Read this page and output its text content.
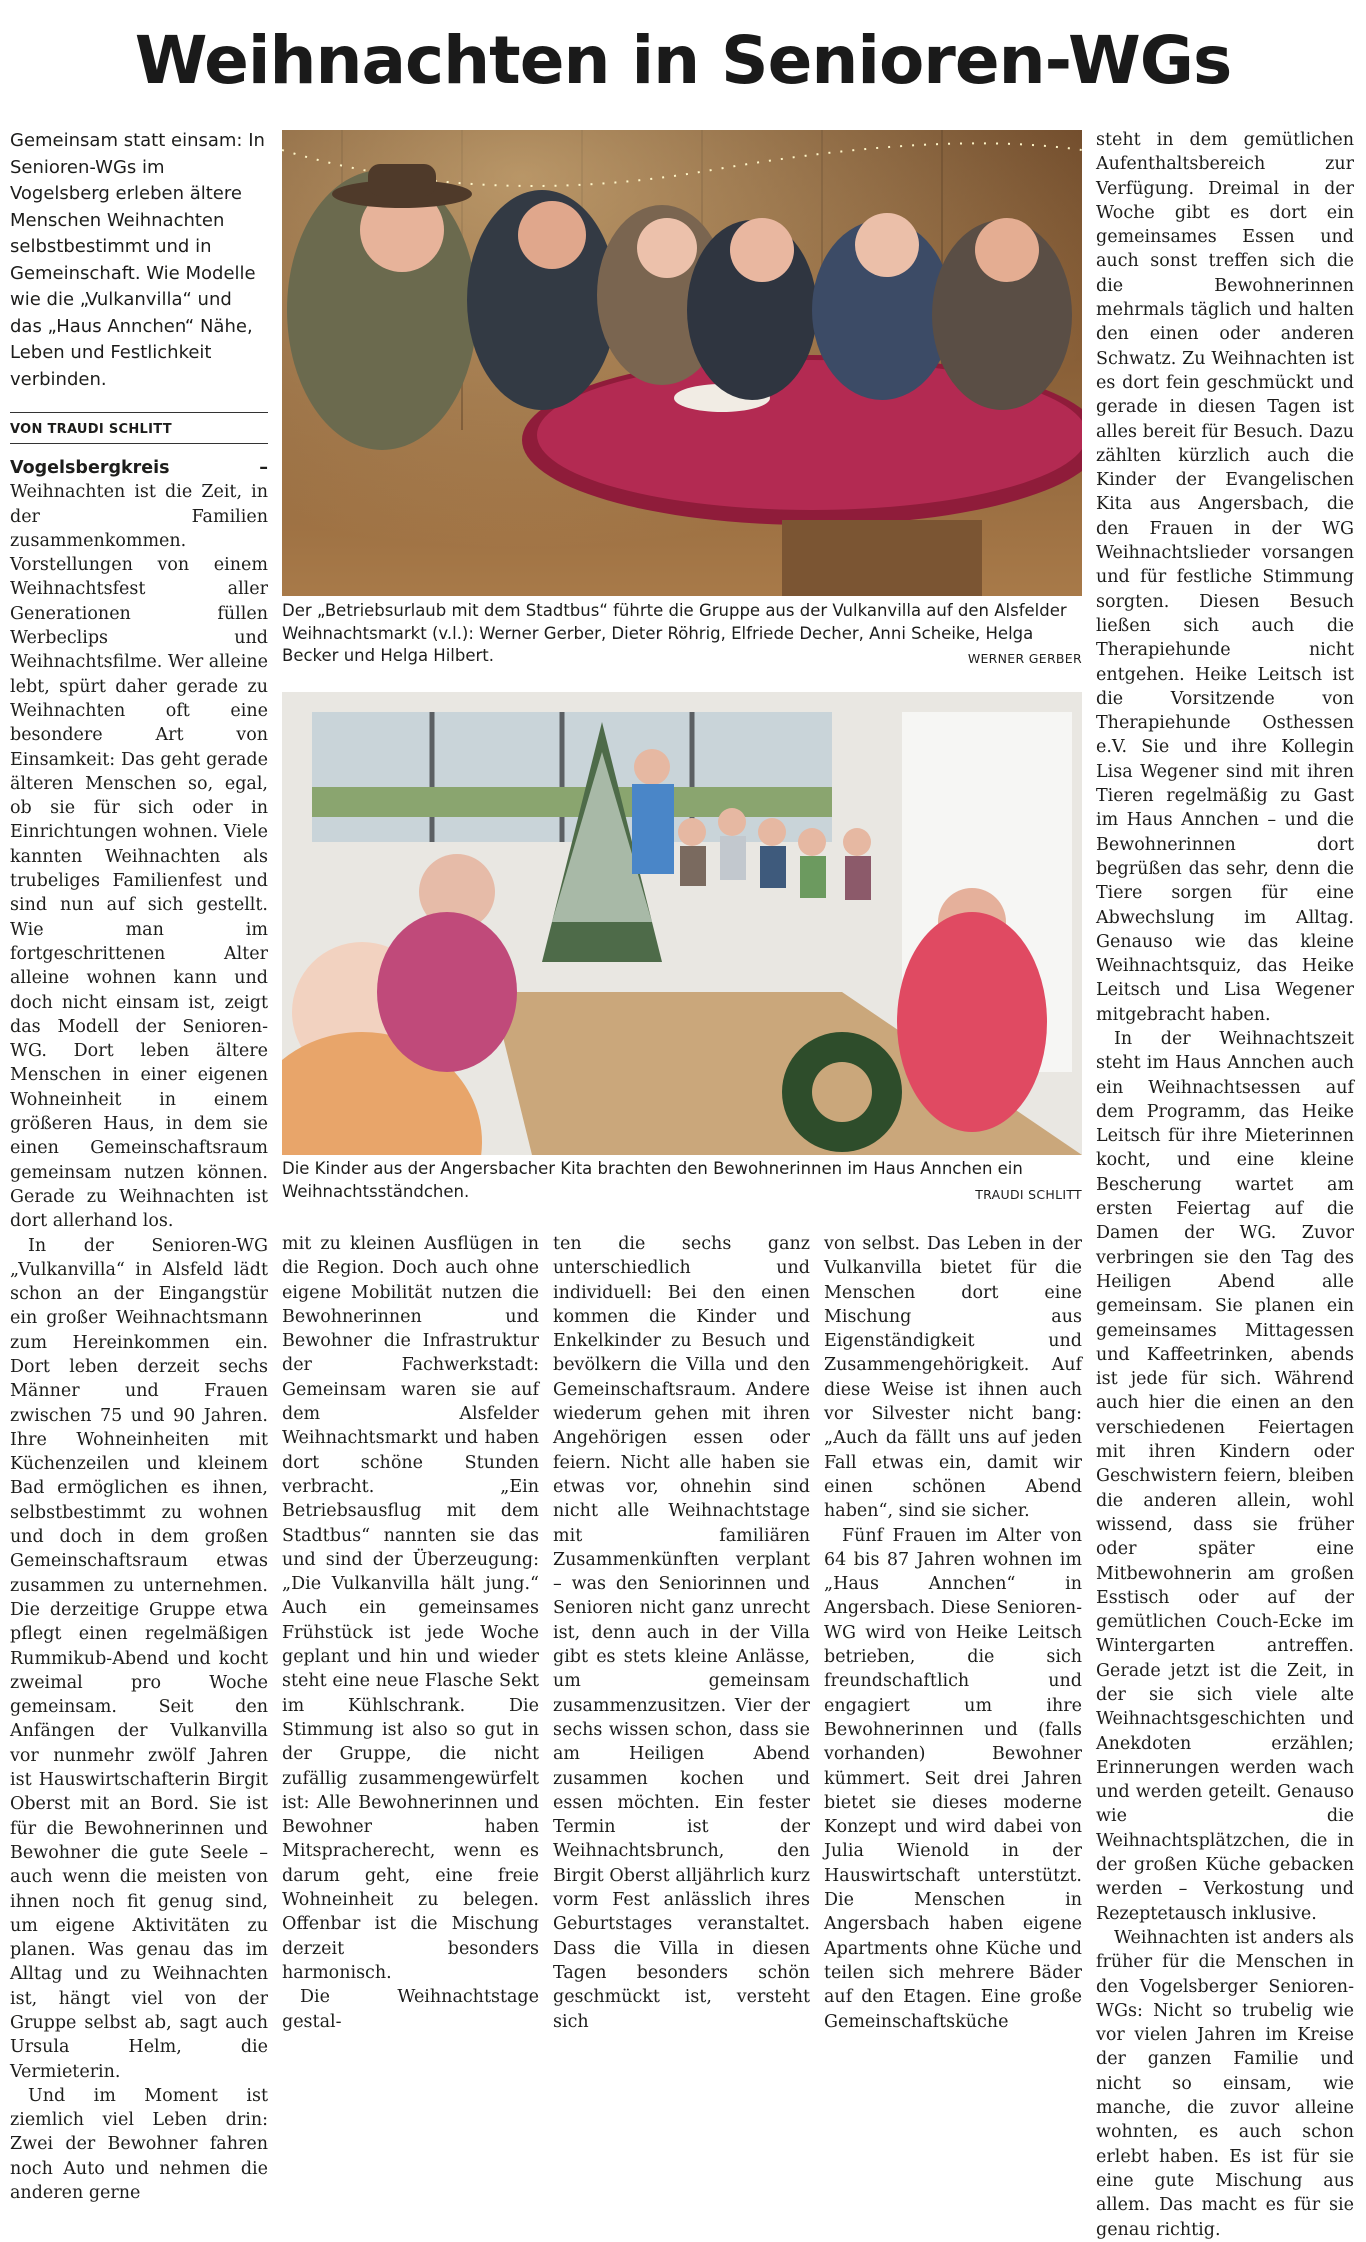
Weihnachten in Senioren-WGs
Gemeinsam statt einsam: In Senioren-WGs im Vogelsberg erleben ältere Menschen Weihnachten selbstbestimmt und in Gemeinschaft. Wie Modelle wie die „Vulkanvilla“ und das „Haus Annchen“ Nähe, Leben und Festlichkeit verbinden.
VON TRAUDI SCHLITT

Vogelsbergkreis – Weihnachten ist die Zeit, in der Familien zusammenkommen. Vorstellungen von einem Weihnachtsfest aller Generationen füllen Werbeclips und Weihnachtsfilme. Wer alleine lebt, spürt daher gerade zu Weihnachten oft eine besondere Art von Einsamkeit: Das geht gerade älteren Menschen so, egal, ob sie für sich oder in Einrichtungen wohnen. Viele kannten Weihnachten als trubeliges Familienfest und sind nun auf sich gestellt. Wie man im fortgeschrittenen Alter alleine wohnen kann und doch nicht einsam ist, zeigt das Modell der Senioren-WG. Dort leben ältere Menschen in einer eigenen Wohneinheit in einem größeren Haus, in dem sie einen Gemeinschaftsraum gemeinsam nutzen können. Gerade zu Weihnachten ist dort allerhand los.

In der Senioren-WG „Vulkanvilla“ in Alsfeld lädt schon an der Eingangstür ein großer Weihnachtsmann zum Hereinkommen ein. Dort leben derzeit sechs Männer und Frauen zwischen 75 und 90 Jahren. Ihre Wohneinheiten mit Küchenzeilen und kleinem Bad ermöglichen es ihnen, selbstbestimmt zu wohnen und doch in dem großen Gemeinschaftsraum etwas zusammen zu unternehmen. Die derzeitige Gruppe etwa pflegt einen regelmäßigen Rummikub-Abend und kocht zweimal pro Woche gemeinsam. Seit den Anfängen der Vulkanvilla vor nunmehr zwölf Jahren ist Hauswirtschafterin Birgit Oberst mit an Bord. Sie ist für die Bewohnerinnen und Bewohner die gute Seele – auch wenn die meisten von ihnen noch fit genug sind, um eigene Aktivitäten zu planen. Was genau das im Alltag und zu Weihnachten ist, hängt viel von der Gruppe selbst ab, sagt auch Ursula Helm, die Vermieterin.

Und im Moment ist ziemlich viel Leben drin: Zwei der Bewohner fahren noch Auto und nehmen die anderen gerne

Der „Betriebsurlaub mit dem Stadtbus“ führte die Gruppe aus der Vulkanvilla auf den Alsfelder Weihnachtsmarkt (v.l.): Werner Gerber, Dieter Röhrig, Elfriede Decher, Anni Scheike, Helga Becker und Helga Hilbert.	WERNER GERBER
Die Kinder aus der Angersbacher Kita brachten den Bewohnerinnen im Haus Annchen ein Weihnachtsständchen.	TRAUDI SCHLITT

mit zu kleinen Ausflügen in die Region. Doch auch ohne eigene Mobilität nutzen die Bewohnerinnen und Bewohner die Infrastruktur der Fachwerkstadt: Gemeinsam waren sie auf dem Alsfelder Weihnachtsmarkt und haben dort schöne Stunden verbracht. „Ein Betriebsausflug mit dem Stadtbus“ nannten sie das und sind der Überzeugung: „Die Vulkanvilla hält jung.“ Auch ein gemeinsames Frühstück ist jede Woche geplant und hin und wieder steht eine neue Flasche Sekt im Kühlschrank. Die Stimmung ist also so gut in der Gruppe, die nicht zufällig zusammengewürfelt ist: Alle Bewohnerinnen und Bewohner haben Mitspracherecht, wenn es darum geht, eine freie Wohneinheit zu belegen. Offenbar ist die Mischung derzeit besonders harmonisch.

Die Weihnachtstage gestal-

ten die sechs ganz unterschiedlich und individuell: Bei den einen kommen die Kinder und Enkelkinder zu Besuch und bevölkern die Villa und den Gemeinschaftsraum. Andere wiederum gehen mit ihren Angehörigen essen oder feiern. Nicht alle haben sie etwas vor, ohnehin sind nicht alle Weihnachtstage mit familiären Zusammenkünften verplant – was den Seniorinnen und Senioren nicht ganz unrecht ist, denn auch in der Villa gibt es stets kleine Anlässe, um gemeinsam zusammenzusitzen. Vier der sechs wissen schon, dass sie am Heiligen Abend zusammen kochen und essen möchten. Ein fester Termin ist der Weihnachtsbrunch, den Birgit Oberst alljährlich kurz vorm Fest anlässlich ihres Geburtstages veranstaltet. Dass die Villa in diesen Tagen besonders schön geschmückt ist, versteht sich

von selbst. Das Leben in der Vulkanvilla bietet für die Menschen dort eine Mischung aus Eigenständigkeit und Zusammengehörigkeit. Auf diese Weise ist ihnen auch vor Silvester nicht bang: „Auch da fällt uns auf jeden Fall etwas ein, damit wir einen schönen Abend haben“, sind sie sicher.

Fünf Frauen im Alter von 64 bis 87 Jahren wohnen im „Haus Annchen“ in Angersbach. Diese Senioren-WG wird von Heike Leitsch betrieben, die sich freundschaftlich und engagiert um ihre Bewohnerinnen und (falls vorhanden) Bewohner kümmert. Seit drei Jahren bietet sie dieses moderne Konzept und wird dabei von Julia Wienold in der Hauswirtschaft unterstützt. Die Menschen in Angersbach haben eigene Apartments ohne Küche und teilen sich mehrere Bäder auf den Etagen. Eine große Gemeinschaftsküche

steht in dem gemütlichen Aufenthaltsbereich zur Verfügung. Dreimal in der Woche gibt es dort ein gemeinsames Essen und auch sonst treffen sich die die Bewohnerinnen mehrmals täglich und halten den einen oder anderen Schwatz. Zu Weihnachten ist es dort fein geschmückt und gerade in diesen Tagen ist alles bereit für Besuch. Dazu zählten kürzlich auch die Kinder der Evangelischen Kita aus Angersbach, die den Frauen in der WG Weihnachtslieder vorsangen und für festliche Stimmung sorgten. Diesen Besuch ließen sich auch die Therapiehunde nicht entgehen. Heike Leitsch ist die Vorsitzende von Therapiehunde Osthessen e.V. Sie und ihre Kollegin Lisa Wegener sind mit ihren Tieren regelmäßig zu Gast im Haus Annchen – und die Bewohnerinnen dort begrüßen das sehr, denn die Tiere sorgen für eine Abwechslung im Alltag. Genauso wie das kleine Weihnachtsquiz, das Heike Leitsch und Lisa Wegener mitgebracht haben.

In der Weihnachtszeit steht im Haus Annchen auch ein Weihnachtsessen auf dem Programm, das Heike Leitsch für ihre Mieterinnen kocht, und eine kleine Bescherung wartet am ersten Feiertag auf die Damen der WG. Zuvor verbringen sie den Tag des Heiligen Abend alle gemeinsam. Sie planen ein gemeinsames Mittagessen und Kaffeetrinken, abends ist jede für sich. Während auch hier die einen an den verschiedenen Feiertagen mit ihren Kindern oder Geschwistern feiern, bleiben die anderen allein, wohl wissend, dass sie früher oder später eine Mitbewohnerin am großen Esstisch oder auf der gemütlichen Couch-Ecke im Wintergarten antreffen. Gerade jetzt ist die Zeit, in der sie sich viele alte Weihnachtsgeschichten und Anekdoten erzählen; Erinnerungen werden wach und werden geteilt. Genauso wie die Weihnachtsplätzchen, die in der großen Küche gebacken werden – Verkostung und Rezeptetausch inklusive.

Weihnachten ist anders als früher für die Menschen in den Vogelsberger Senioren-WGs: Nicht so trubelig wie vor vielen Jahren im Kreise der ganzen Familie und nicht so einsam, wie manche, die zuvor alleine wohnten, es auch schon erlebt haben. Es ist für sie eine gute Mischung aus allem. Das macht es für sie genau richtig.
